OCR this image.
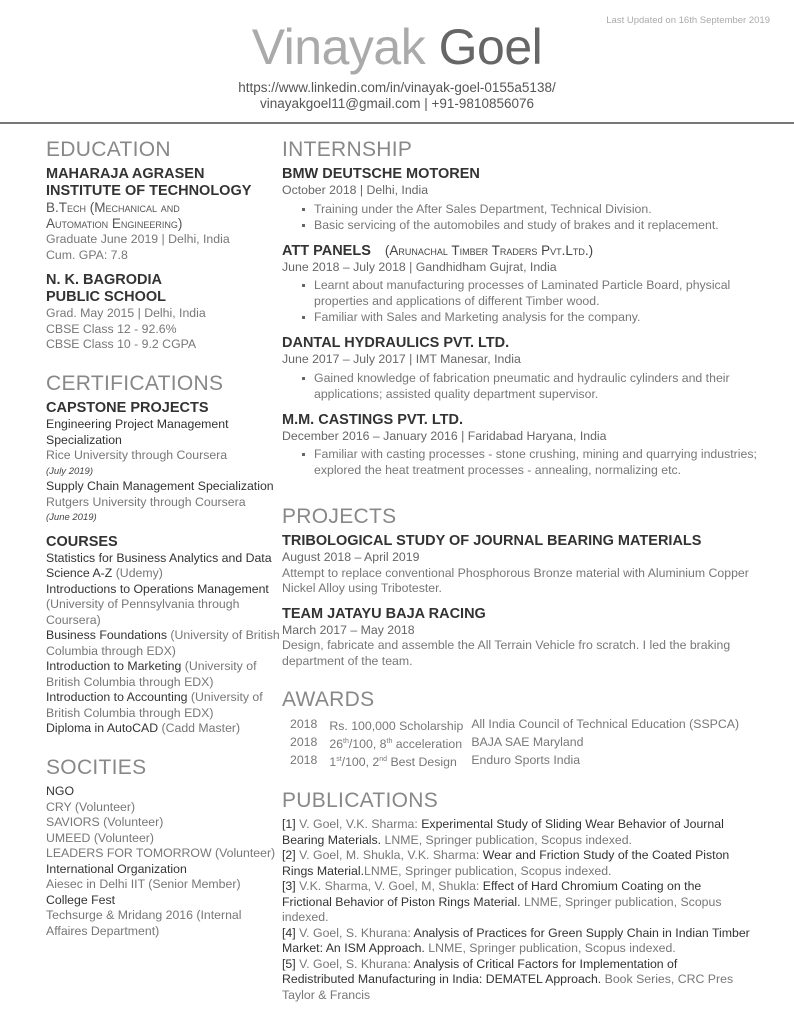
Last Updated on 16th September 2019
Vinayak Goel
https://www.linkedin.com/in/vinayak-goel-0155a5138/
vinayakgoel11@gmail.com | +91-9810856076
EDUCATION
MAHARAJA AGRASEN
INSTITUTE OF TECHNOLOGY
B.Tech (Mechanical and
Automation Engineering)
Graduate June 2019 | Delhi, India
Cum. GPA: 7.8
N. K. BAGRODIA
PUBLIC SCHOOL
Grad. May 2015 | Delhi, India
CBSE Class 12 - 92.6%
CBSE Class 10 - 9.2 CGPA
CERTIFICATIONS
CAPSTONE PROJECTS
Engineering Project Management Specialization
Rice University through Coursera
(July 2019)
Supply Chain Management Specialization
Rutgers University through Coursera
(June 2019)
COURSES
Statistics for Business Analytics and Data Science A-Z (Udemy)
Introductions to Operations Management (University of Pennsylvania through Coursera)
Business Foundations (University of British Columbia through EDX)
Introduction to Marketing (University of British Columbia through EDX)
Introduction to Accounting (University of British Columbia through EDX)
Diploma in AutoCAD (Cadd Master)
SOCITIES
NGO
CRY (Volunteer)
SAVIORS (Volunteer)
UMEED (Volunteer)
LEADERS FOR TOMORROW (Volunteer)
International Organization
Aiesec in Delhi IIT (Senior Member)
College Fest
Techsurge & Mridang 2016 (Internal Affaires Department)
INTERNSHIP
BMW DEUTSCHE MOTOREN
October 2018 | Delhi, India
Training under the After Sales Department, Technical Division.
Basic servicing of the automobiles and study of brakes and it replacement.
ATT PANELS (Arunachal Timber Traders Pvt.Ltd.)
June 2018 – July 2018 | Gandhidham Gujrat, India
Learnt about manufacturing processes of Laminated Particle Board, physical properties and applications of different Timber wood.
Familiar with Sales and Marketing analysis for the company.
DANTAL HYDRAULICS PVT. LTD.
June 2017 – July 2017 | IMT Manesar, India
Gained knowledge of fabrication pneumatic and hydraulic cylinders and their applications; assisted quality department supervisor.
M.M. CASTINGS PVT. LTD.
December 2016 – January 2016 | Faridabad Haryana, India
Familiar with casting processes - stone crushing, mining and quarrying industries; explored the heat treatment processes - annealing, normalizing etc.
PROJECTS
TRIBOLOGICAL STUDY OF JOURNAL BEARING MATERIALS
August 2018 – April 2019
Attempt to replace conventional Phosphorous Bronze material with Aluminium Copper Nickel Alloy using Tribotester.
TEAM JATAYU BAJA RACING
March 2017 – May 2018
Design, fabricate and assemble the All Terrain Vehicle fro scratch. I led the braking department of the team.
AWARDS
2018	Rs. 100,000 Scholarship	All India Council of Technical Education (SSPCA)
2018	26th/100, 8th acceleration	BAJA SAE Maryland
2018	1st/100, 2nd Best Design	Enduro Sports India
PUBLICATIONS
[1] V. Goel, V.K. Sharma: Experimental Study of Sliding Wear Behavior of Journal Bearing Materials. LNME, Springer publication, Scopus indexed.
[2] V. Goel, M. Shukla, V.K. Sharma: Wear and Friction Study of the Coated Piston Rings Material.LNME, Springer publication, Scopus indexed.
[3] V.K. Sharma, V. Goel, M, Shukla: Effect of Hard Chromium Coating on the Frictional Behavior of Piston Rings Material. LNME, Springer publication, Scopus indexed.
[4] V. Goel, S. Khurana: Analysis of Practices for Green Supply Chain in Indian Timber Market: An ISM Approach. LNME, Springer publication, Scopus indexed.
[5] V. Goel, S. Khurana: Analysis of Critical Factors for Implementation of Redistributed Manufacturing in India: DEMATEL Approach. Book Series, CRC Pres Taylor & Francis
